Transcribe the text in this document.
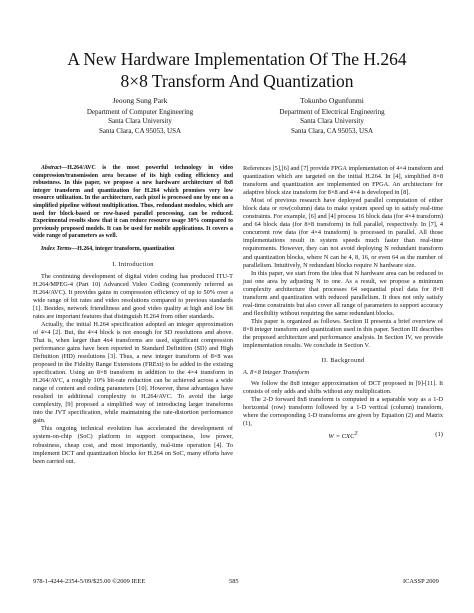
A New Hardware Implementation Of The H.264
8×8 Transform And Quantization
Jeoong Sung Park
Department of Computer Engineering
Santa Clara University
Santa Clara, CA 95053, USA
Tokunbo Ogunfunmi
Department of Electrical Engineering
Santa Clara University
Santa Clara, CA 95053, USA

Abstract—H.264/AVC is the most powerful technology in video compression/transmission area because of its high coding efficiency and robustness. In this paper, we propose a new hardware architecture of 8x8 integer transform and quantization for H.264 which promises very low resource utilization. In the architecture, each pixel is processed one by one on a simplified pipeline without multiplication. Thus, redundant modules, which are used for block-based or row-based parallel processing, can be reduced. Experimental results show that it can reduce resource usage 30% compared to previously proposed models. It can be used for mobile applications. It covers a wide range of parameters as well.

Index Terms—H.264, integer transform, quantization

I. Introduction

The continuing development of digital video coding has produced ITU-T H.264/MPEG-4 (Part 10) Advanced Video Coding (commonly referred as H.264/AVC). It provides gains in compression efficiency of up to 50% over a wide range of bit rates and video resolutions compared to previous standards [1]. Besides, network friendliness and good video quality at high and low bit rates are important features that distinguish H.264 from other standards.

Actually, the initial H.264 specification adopted an integer approximation of 4×4 [2]. But, the 4×4 block is not enough for SD resolutions and above. That is, when larger than 4x4 transforms are used, significant compression performance gains have been reported in Standard Definition (SD) and High Definition (HD) resolutions [3]. Thus, a new integer transform of 8×8 was proposed in the Fidelity Range Extensions (FRExt) to be added to the existing specification. Using an 8×8 transform in addition to the 4×4 transform in H.264/AVC, a roughly 10% bit-rate reduction can be achieved across a wide range of content and coding parameters [10]. However, these advantages have resulted in additional complexity to H.264/AVC. To avoid the large complexity, [9] proposed a simplified way of introducing larger transforms into the JVT specification, while maintaining the rate-distortion performance gain.

This ongoing technical evolution has accelerated the development of system-on-chip (SoC) platform to support compactness, low power, robustness, cheap cost, and most importantly, real-time operation [4]. To implement DCT and quantization blocks for H.264 on SoC, many efforts have been carried out.

References [5],[6] and [7] provide FPGA implementation of 4×4 transform and quantization which are targeted on the initial H.264. In [4], simplified 8×8 transform and quantization are implemented on FPGA. An architecture for adaptive block size transform for 8×8 and 4×4 is developed in [8].

Most of previous research have deployed parallel computation of either block data or row(column) data to make system speed up to satisfy real-time constraints. For example, [6] and [4] process 16 block data (for 4×4 transform) and 64 block data (for 8×8 transform) in full parallel, respectively. In [7], 4 concurrent row data (for 4×4 transform) is processed in parallel. All those implementations result in system speeds much faster than real-time requirements. However, they can not avoid deploying N redundant transform and quantization blocks, where N can be 4, 8, 16, or even 64 as the number of parallelism. Intuitively, N redundant blocks require N hardware size.

In this paper, we start from the idea that N hardware area can be reduced to just one area by adjusting N to one. As a result, we propose a minimum complexity architecture that processes 64 sequantial pixel data for 8×8 transform and quantization with reduced parallelism. It does not only satisfy real-time constraints but also cover all range of parameters to support accuracy and flexibility without requiring the same redundant blocks.

This paper is organized as follows. Section II presents a brief overview of 8×8 integer transform and quantization used in this paper. Section III describes the proposed architecture and performance analysis. In Section IV, we provide implementation results. We conclude in Section V.

II. Background
A. 8×8 Integer Transform

We follow the 8x8 integer approximation of DCT proposed in [9]-[11]. It consists of only adds and shifts without any multiplication.

The 2-D forward 8x8 transform is computed in a separable way as a 1-D horizontal (row) transform followed by a 1-D vertical (column) transform, where the corresponding 1-D transforms are given by Equation (2) and Matrix (1),

$W = CXC^T$	(1)
978-1-4244-2354-5/09/$25.00 ©2009 IEEE	585	ICASSP 2009
